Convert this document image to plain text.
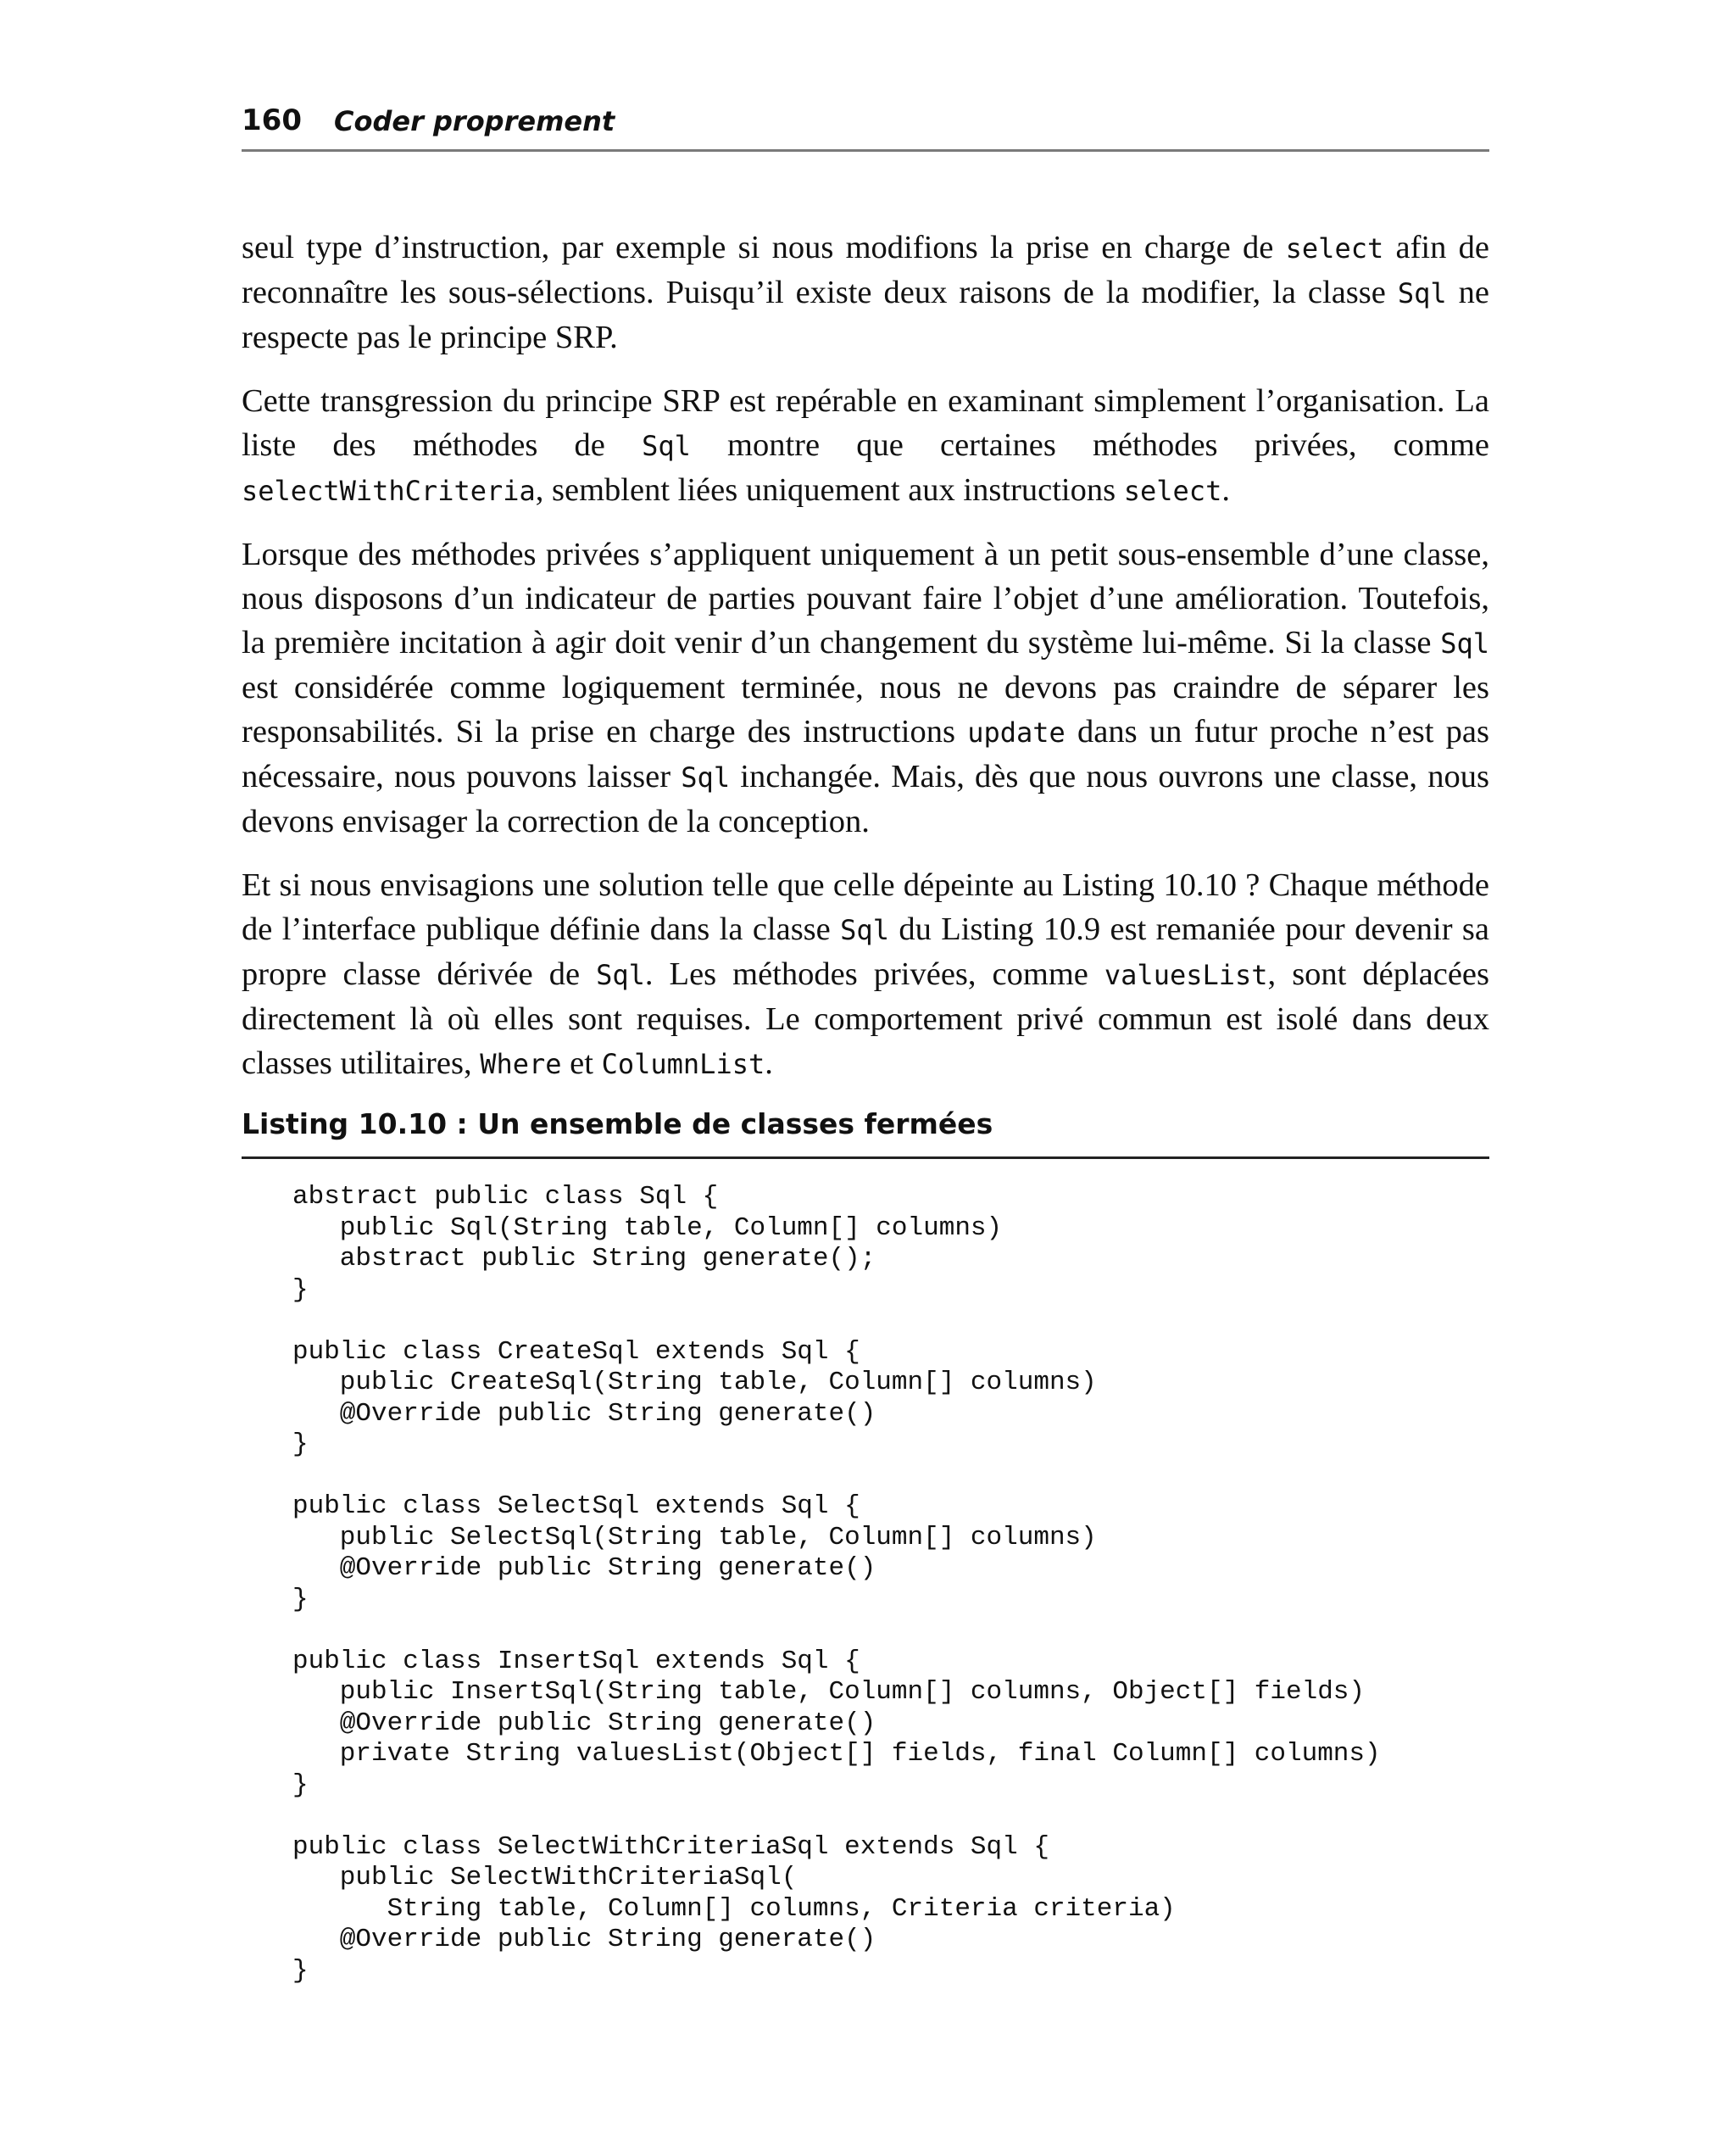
160 Coder proprement

seul type d’instruction, par exemple si nous modifions la prise en charge de select afin de reconnaître les sous-sélections. Puisqu’il existe deux raisons de la modifier, la classe Sql ne respecte pas le principe SRP.

Cette transgression du principe SRP est repérable en examinant simplement l’organisation. La liste des méthodes de Sql montre que certaines méthodes privées, comme selectWithCriteria, semblent liées uniquement aux instructions select.

Lorsque des méthodes privées s’appliquent uniquement à un petit sous-ensemble d’une classe, nous disposons d’un indicateur de parties pouvant faire l’objet d’une amélioration. Toutefois, la première incitation à agir doit venir d’un changement du système lui-même. Si la classe Sql est considérée comme logiquement terminée, nous ne devons pas craindre de séparer les responsabilités. Si la prise en charge des instructions update dans un futur proche n’est pas nécessaire, nous pouvons laisser Sql inchangée. Mais, dès que nous ouvrons une classe, nous devons envisager la correction de la conception.

Et si nous envisagions une solution telle que celle dépeinte au Listing 10.10 ? Chaque méthode de l’interface publique définie dans la classe Sql du Listing 10.9 est remaniée pour devenir sa propre classe dérivée de Sql. Les méthodes privées, comme valuesList, sont déplacées directement là où elles sont requises. Le comportement privé commun est isolé dans deux classes utilitaires, Where et ColumnList.

Listing 10.10 : Un ensemble de classes fermées
abstract public class Sql {
public Sql(String table, Column[] columns)
abstract public String generate();
}

public class CreateSql extends Sql {
public CreateSql(String table, Column[] columns)
@Override public String generate()
}

public class SelectSql extends Sql {
public SelectSql(String table, Column[] columns)
@Override public String generate()
}

public class InsertSql extends Sql {
public InsertSql(String table, Column[] columns, Object[] fields)
@Override public String generate()
private String valuesList(Object[] fields, final Column[] columns)
}

public class SelectWithCriteriaSql extends Sql {
public SelectWithCriteriaSql(
String table, Column[] columns, Criteria criteria)
@Override public String generate()
}
